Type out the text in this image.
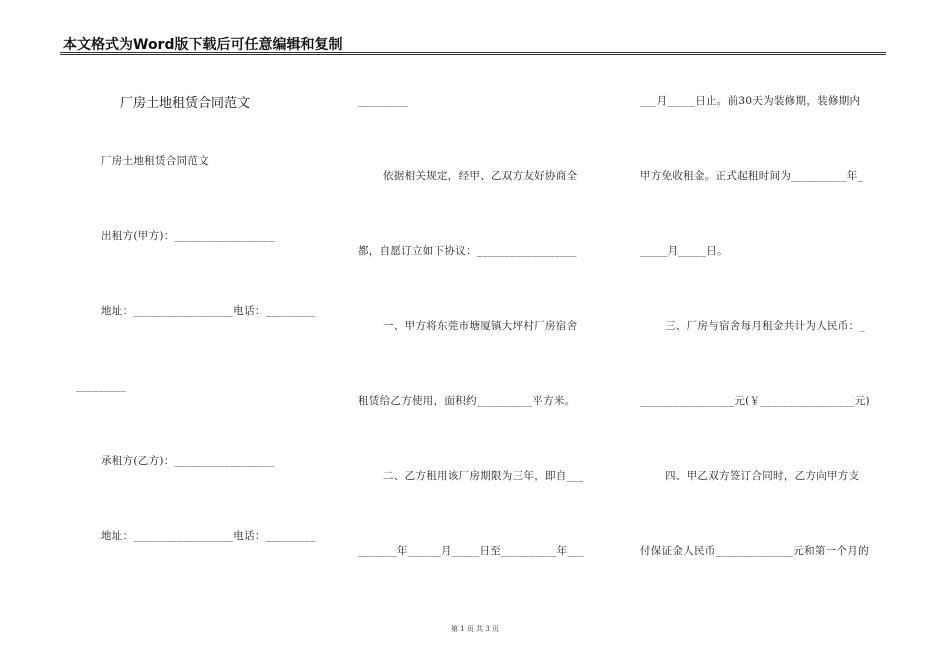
本文格式为Word版下载后可任意编辑和复制
厂房土地租赁合同范文
厂房土地租赁合同范文
出租方(甲方)：__________________
地址：__________________电话：_________
_________
承租方(乙方)：__________________
地址：__________________电话：_________
_________
依据相关规定，经甲、乙双方友好协商全
都，自愿订立如下协议：__________________
一、甲方将东莞市塘厦镇大坪村厂房宿舍
租赁给乙方使用，面积约__________平方米。
二、乙方租用该厂房期限为三年，即自___
_______年______月_____日至__________年___
___月_____日止。前30天为装修期，装修期内
甲方免收租金。正式起租时间为__________年_
_____月_____日。
三、厂房与宿舍每月租金共计为人民币：_
_________________元(￥_________________元)
四、甲乙双方签订合同时，乙方向甲方支
付保证金人民币______________元和第一个月的
第 1 页 共 3 页
